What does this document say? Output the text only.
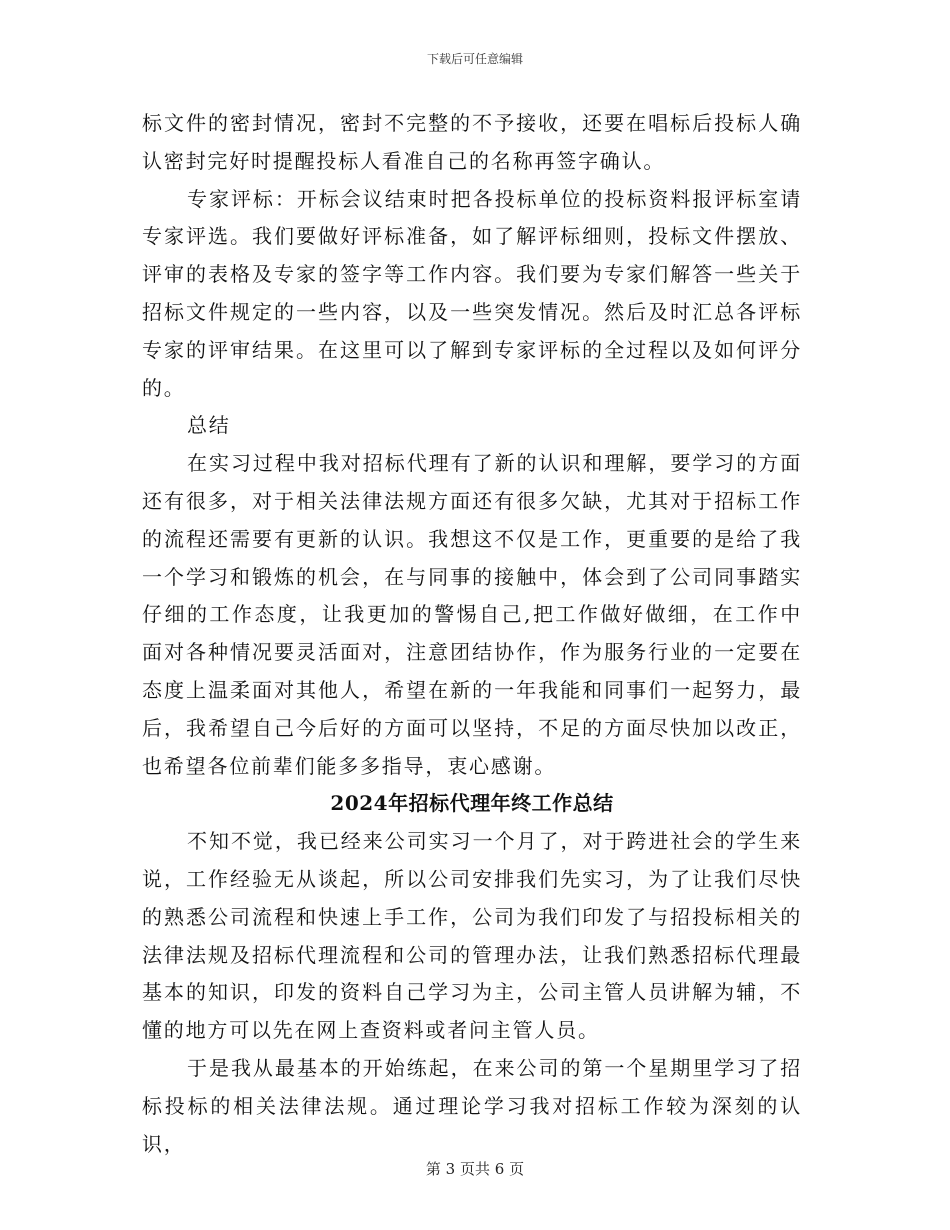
下载后可任意编辑

标文件的密封情况，密封不完整的不予接收，还要在唱标后投标人确认密封完好时提醒投标人看准自己的名称再签字确认。

专家评标：开标会议结束时把各投标单位的投标资料报评标室请专家评选。我们要做好评标准备，如了解评标细则，投标文件摆放、评审的表格及专家的签字等工作内容。我们要为专家们解答一些关于招标文件规定的一些内容，以及一些突发情况。然后及时汇总各评标专家的评审结果。在这里可以了解到专家评标的全过程以及如何评分的。

总结

在实习过程中我对招标代理有了新的认识和理解，要学习的方面还有很多，对于相关法律法规方面还有很多欠缺，尤其对于招标工作的流程还需要有更新的认识。我想这不仅是工作，更重要的是给了我一个学习和锻炼的机会，在与同事的接触中，体会到了公司同事踏实仔细的工作态度，让我更加的警惕自己,把工作做好做细，在工作中面对各种情况要灵活面对，注意团结协作，作为服务行业的一定要在态度上温柔面对其他人，希望在新的一年我能和同事们一起努力，最后，我希望自己今后好的方面可以坚持，不足的方面尽快加以改正，也希望各位前辈们能多多指导，衷心感谢。

2024年招标代理年终工作总结

不知不觉，我已经来公司实习一个月了，对于跨进社会的学生来说，工作经验无从谈起，所以公司安排我们先实习，为了让我们尽快的熟悉公司流程和快速上手工作，公司为我们印发了与招投标相关的法律法规及招标代理流程和公司的管理办法，让我们熟悉招标代理最基本的知识，印发的资料自己学习为主，公司主管人员讲解为辅，不懂的地方可以先在网上查资料或者问主管人员。

于是我从最基本的开始练起，在来公司的第一个星期里学习了招标投标的相关法律法规。通过理论学习我对招标工作较为深刻的认识，

第 3 页共 6 页
